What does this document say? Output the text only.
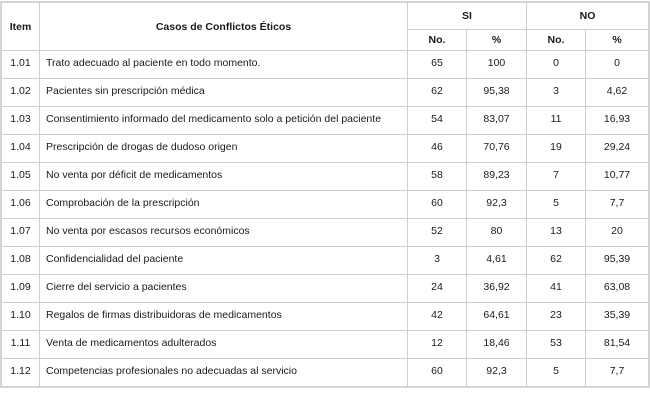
Item	Casos de Conflictos Éticos	SI		NO	
		No.	%	No.	%
1.01	Trato adecuado al paciente en todo momento.	65	100	0	0
1.02	Pacientes sin prescripción médica	62	95,38	3	4,62
1.03	Consentimiento informado del medicamento solo a petición del paciente	54	83,07	11	16,93
1.04	Prescripción de drogas de dudoso origen	46	70,76	19	29,24
1.05	No venta por déficit de medicamentos	58	89,23	7	10,77
1.06	Comprobación de la prescripción	60	92,3	5	7,7
1.07	No venta por escasos recursos económicos	52	80	13	20
1.08	Confidencialidad del paciente	3	4,61	62	95,39
1.09	Cierre del servicio a pacientes	24	36,92	41	63,08
1.10	Regalos de firmas distribuidoras de medicamentos	42	64,61	23	35,39
1.11	Venta de medicamentos adulterados	12	18,46	53	81,54
1.12	Competencias profesionales no adecuadas al servicio	60	92,3	5	7,7
